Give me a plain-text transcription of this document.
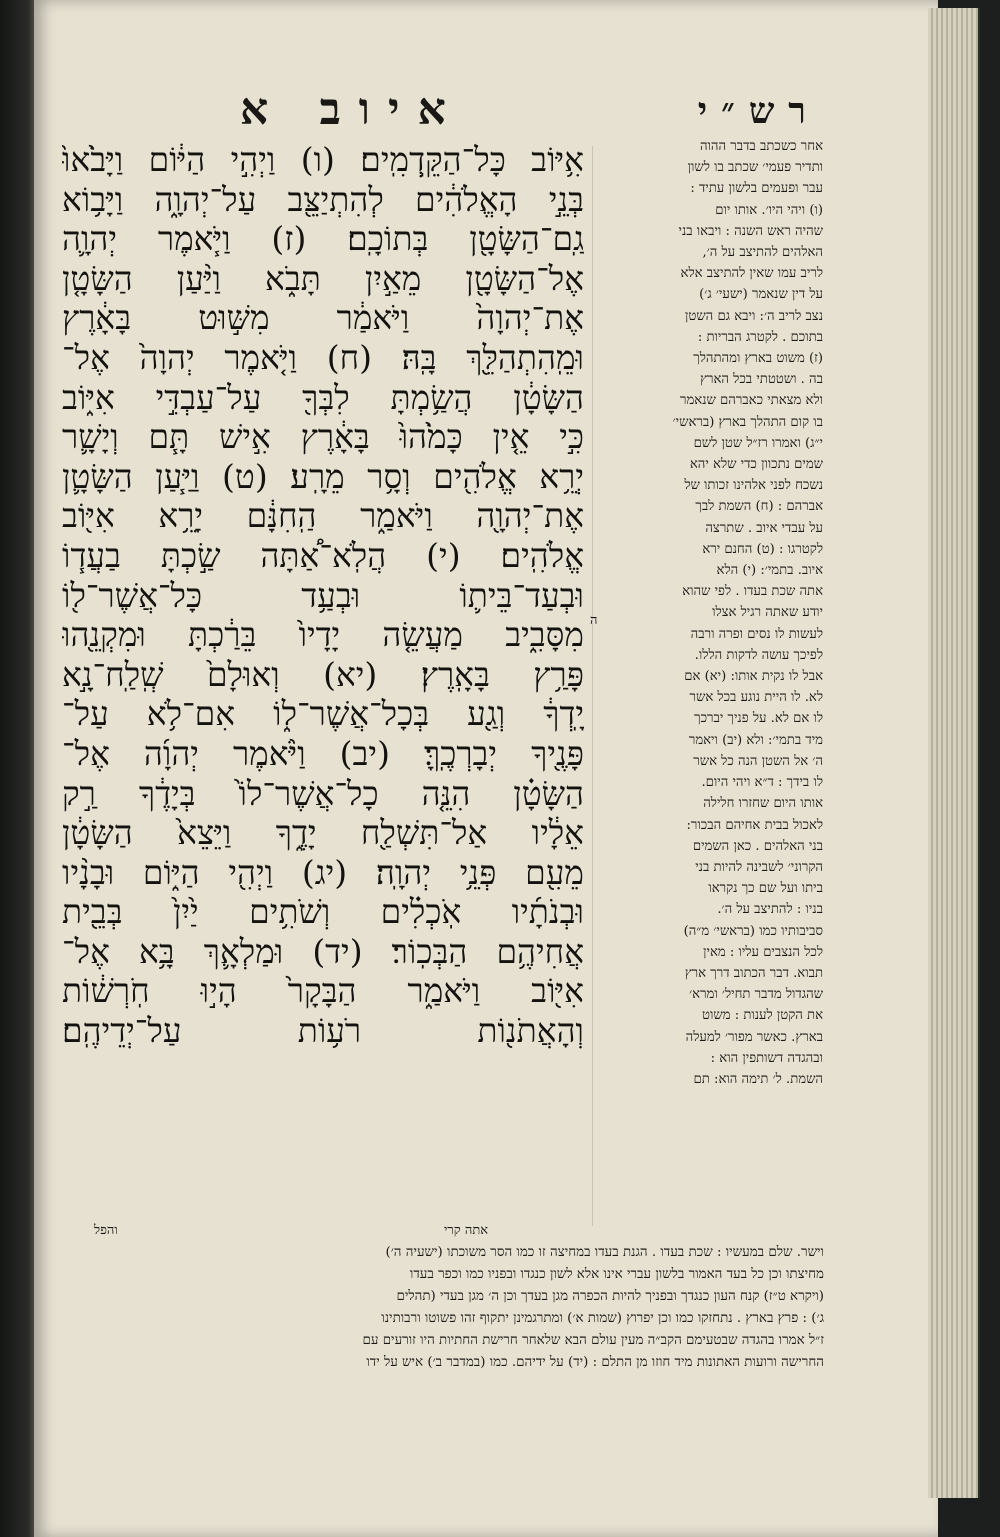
רש״י
איוב א
אִ֥יּוֹב כָּל־הַקֵּֽדְמִֽים׃ (ו) וַיְהִ֣י הַיּ֔וֹם וַיָּבֹ֙אוּ֙
בְּנֵ֣י הָאֱלֹהִ֔ים לְהִתְיַצֵּ֖ב עַל־יְהוָ֑ה וַיָּב֥וֹא
גַֽם־הַשָּׂטָ֖ן בְּתוֹכָֽם׃ (ז) וַיֹּ֧אמֶר יְהוָ֛ה
אֶל־הַשָּׂטָ֖ן מֵאַ֣יִן תָּבֹ֑א וַיַּ֨עַן הַשָּׂטָ֤ן
אֶת־יְהוָה֙ וַיֹּאמַ֔ר מִשּׁ֣וּט בָּאָ֔רֶץ
וּמֵֽהִתְהַלֵּ֖ךְ בָּֽהּ׃ (ח) וַיֹּ֤אמֶר יְהוָה֙ אֶל־
הַשָּׂטָ֔ן הֲשַׂ֥מְתָּ לִבְּךָ֖ עַל־עַבְדִּ֣י אִיּ֑וֹב
כִּ֣י אֵ֤ין כָּמֹ֙הוּ֙ בָּאָ֔רֶץ אִ֣ישׁ תָּ֧ם וְיָשָׁ֛ר
יְרֵ֥א אֱלֹהִ֖ים וְסָ֥ר מֵרָֽע׃ (ט) וַיַּ֧עַן הַשָּׂטָ֛ן
אֶת־יְהוָ֖ה וַיֹּאמַ֑ר הַֽחִנָּ֔ם יָרֵ֥א אִיּ֖וֹב
אֱלֹהִֽים׃ (י) הֲלֹֽא־אַ֠תָּה שַׂ֣כְתָּ בַעֲד֧וֹ
וּבְעַד־בֵּית֛וֹ וּבְעַ֥ד כָּל־אֲשֶׁר־ל֖וֹ
מִסָּבִ֑יב מַעֲשֵׂ֤ה יָדָיו֙ בֵּרַ֔כְתָּ וּמִקְנֵ֖הוּ
פָּרַ֥ץ בָּאָֽרֶץ׃ (יא) וְאוּלָם֙ שְֽׁלַֽח־נָ֣א
יָֽדְךָ֔ וְגַ֖ע בְּכָל־אֲשֶׁר־ל֑וֹ אִם־לֹ֥א עַל־
פָּנֶ֖יךָ יְבָרְכֶֽךָּ׃ (יב) וַיֹּ֨אמֶר יְהוָ֜ה אֶל־
הַשָּׂטָ֗ן הִנֵּ֤ה כָל־אֲשֶׁר־לוֹ֙ בְּיָדֶ֔ךָ רַ֣ק
אֵלָ֔יו אַל־תִּשְׁלַ֖ח יָדֶ֑ךָ וַיֵּצֵא֙ הַשָּׂטָ֔ן
מֵעִ֖ם פְּנֵ֥י יְהוָֽה׃ (יג) וַיְהִ֖י הַיּ֑וֹם וּבָנָ֨יו
וּבְנֹתָ֜יו אֹֽכְלִ֗ים וְשֹׁתִ֥ים יַ֙יִן֙ בְּבֵ֖ית
אֲחִיהֶ֥ם הַבְּכֽוֹר׃ (יד) וּמַלְאָ֛ךְ בָּ֥א אֶל־
אִיּ֖וֹב וַיֹּאמַ֑ר הַבָּקָר֙ הָי֣וּ חֹֽרְשׁ֔וֹת
וְהָאֲתֹנ֖וֹת רֹע֥וֹת עַל־יְדֵיהֶֽם׃
ה
אחר כשכתב בדבר ההוה
ותדיר פעמי׳ שכתב בו לשון
עבר ופעמים בלשון עתיד :
(ו) ויהי היו׳. אותו יום
שהיה ראש השנה : ויבאו בני
האלהים להתיצב על ה׳,
לריב עמו שאין להתיצב אלא
על דין שנאמר (ישעי׳ ג׳)
נצב לריב ה׳: ויבא גם השטן
בתוכם . לקטרג הבריות :
(ז) משוט בארץ ומהתהלך
בה . ושטטתי בכל הארץ
ולא מצאתי כאברהם שנאמר
בו קום התהלך בארץ (בראשי׳
י״ג) ואמרו רז״ל שטן לשם
שמים נתכוון כדי שלא יהא
נשכח לפני אלהינו זכותו של
אברהם : (ח) השמת לבך
על עבדי איוב . שתרצה
לקטרגו : (ט) החנם ירא
איוב. בתמי׳: (י) הלא
אתה שכת בעדו . לפי שהוא
יודע שאתה רגיל אצלו
לעשות לו נסים ופרה ורבה
לפיכך עושה לדקות הללו.
אבל לו נקית אותו: (יא) אם
לא. לו היית נוגע בכל אשר
לו אם לא. על פניך יברכך
מיד בתמי׳: ולא (יב) ויאמר
ה׳ אל השטן הנה כל אשר
לו בידך : ד״א ויהי היום.
אותו היום שחזרו חלילה
לאכול בבית אחיהם הבכור:
בני האלהים . כאן השמים
הקרוני׳ לשבינה להיות בני
ביתו ועל שם כך נקראו
בניו : להתיצב על ה׳.
סביבותיו כמו (בראשי׳ מ״ה)
לכל הנצבים עליו : מאין
תבוא. דבר הכתוב דרך ארץ
שהגדול מדבר תחיל׳ ומרא׳
את הקטן לענות : משוט
בארץ. כאשר מפור׳ למעלה
ובהגדה דשותפין הוא :
השמת. ל׳ תימה הוא: תם
והפל	אתה קרי
וישר. שלם במעשיו : שכת בעדו . הגנת בעדו במחיצה זו כמו הסר משוכתו (ישעיה ה׳)
מחיצתו וכן כל בעד האמור בלשון עברי אינו אלא לשון כנגדו ובפניו כמו וכפר בעדו
(ויקרא ט״ז) קנח העון כנגדך ובפניך להיות הכפרה מגן בעדך וכן ה׳ מגן בעדי (תהלים
ג׳) : פרץ בארץ . נתחזקו כמו וכן יפרוץ (שמות א׳) ומתרגמינן יתקוף זהו פשוטו ורבותינו
ז״ל אמרו בהגדה שבטעימם הקב״ה מעין עולם הבא שלאחר חרישת החתיות היו זורעים עם
החרישה ורועות האתונות מיד חוזו מן התלם : (יד) על ידיהם. כמו (במדבר ב׳) איש על ידו
